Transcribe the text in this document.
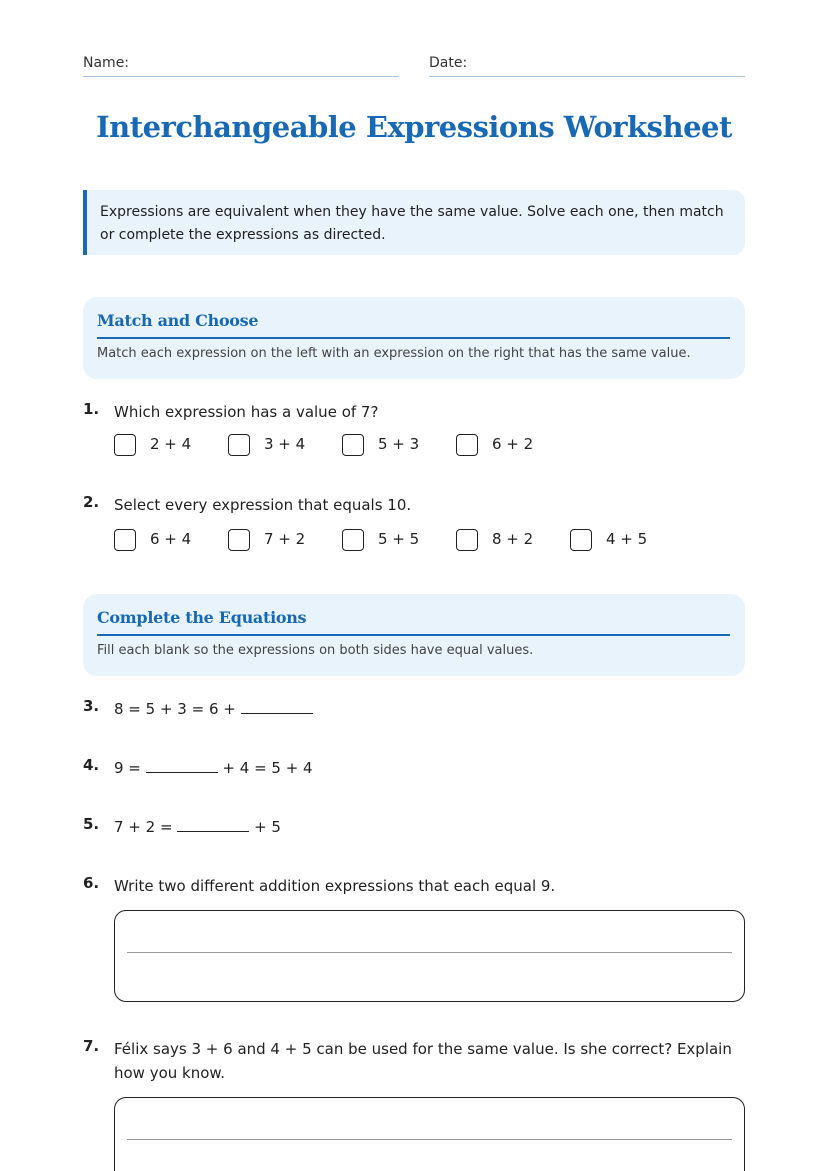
Name:	Date:
Interchangeable Expressions Worksheet
Expressions are equivalent when they have the same value. Solve each one, then match or complete the expressions as directed.
Match and Choose
Match each expression on the left with an expression on the right that has the same value.
1. Which expression has a value of 7?
2 + 4	3 + 4	5 + 3	6 + 2
2. Select every expression that equals 10.
6 + 4	7 + 2	5 + 5	8 + 2	4 + 5
Complete the Equations
Fill each blank so the expressions on both sides have equal values.
3. 8 = 5 + 3 = 6 +
4. 9 =	+ 4 = 5 + 4
5. 7 + 2 =	+ 5
6. Write two different addition expressions that each equal 9.
7. Félix says 3 + 6 and 4 + 5 can be used for the same value. Is she correct? Explain how you know.
